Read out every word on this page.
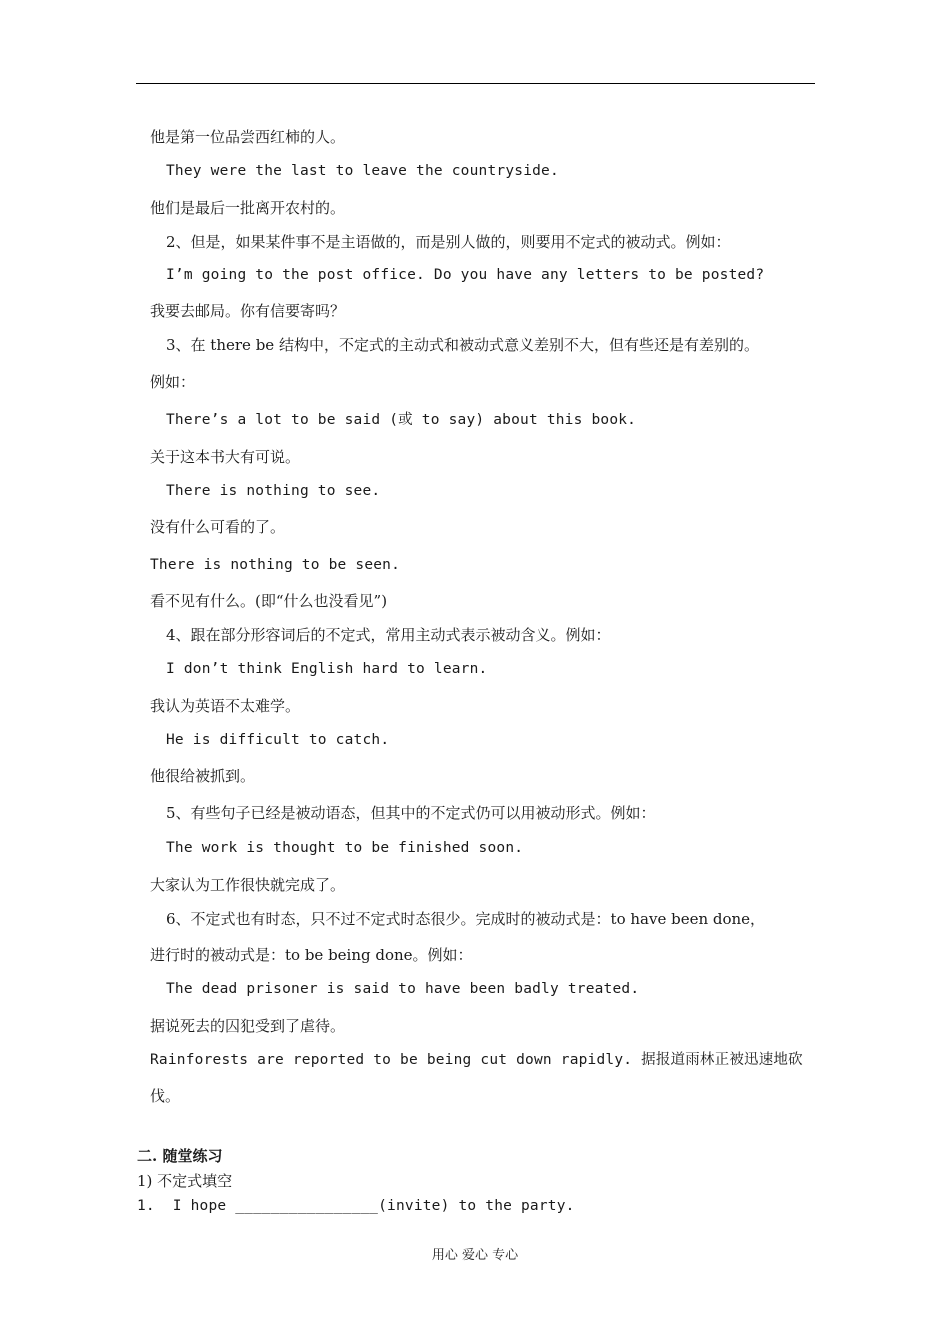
他是第一位品尝西红柿的人。

They were the last to leave the countryside.

他们是最后一批离开农村的。

2、但是，如果某件事不是主语做的，而是别人做的，则要用不定式的被动式。例如：

I’m going to the post office. Do you have any letters to be posted?

我要去邮局。你有信要寄吗？

3、在 there be 结构中，不定式的主动式和被动式意义差别不大，但有些还是有差别的。

例如：

There’s a lot to be said (或 to say) about this book.

关于这本书大有可说。

There is nothing to see.

没有什么可看的了。

There is nothing to be seen.

看不见有什么。(即“什么也没看见”)

4、跟在部分形容词后的不定式，常用主动式表示被动含义。例如：

I don’t think English hard to learn.

我认为英语不太难学。

He is difficult to catch.

他很给被抓到。

5、有些句子已经是被动语态，但其中的不定式仍可以用被动形式。例如：

The work is thought to be finished soon.

大家认为工作很快就完成了。

6、不定式也有时态，只不过不定式时态很少。完成时的被动式是：to have been done，

进行时的被动式是：to be being done。例如：

The dead prisoner is said to have been badly treated.

据说死去的囚犯受到了虐待。

Rainforests are reported to be being cut down rapidly. 据报道雨林正被迅速地砍

伐。

二. 随堂练习

1) 不定式填空

1.  I hope ________________(invite) to the party.

用心 爱心 专心
